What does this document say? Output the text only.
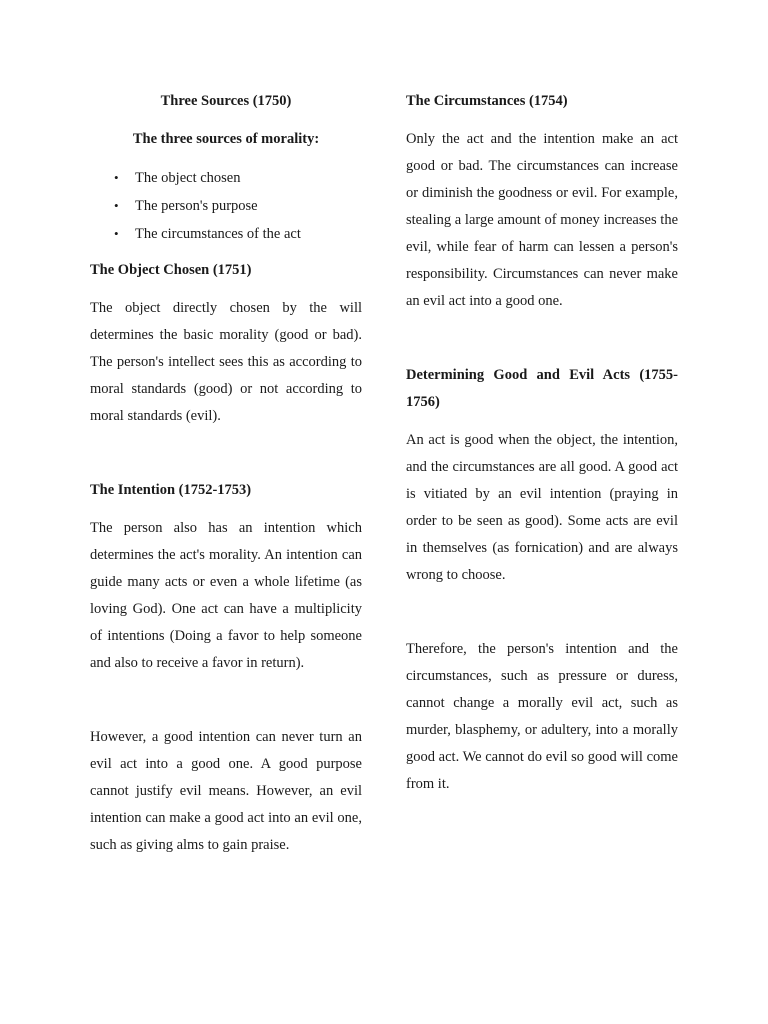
Three Sources (1750)

The three sources of morality:

• The object chosen
• The person's purpose
• The circumstances of the act

The Object Chosen (1751)

The object directly chosen by the will determines the basic morality (good or bad). The person's intellect sees this as according to moral standards (good) or not according to moral standards (evil).

The Intention (1752-1753)

The person also has an intention which determines the act's morality. An intention can guide many acts or even a whole lifetime (as loving God). One act can have a multiplicity of intentions (Doing a favor to help someone and also to receive a favor in return).

However, a good intention can never turn an evil act into a good one. A good purpose cannot justify evil means. However, an evil intention can make a good act into an evil one, such as giving alms to gain praise.

The Circumstances (1754)

Only the act and the intention make an act good or bad. The circumstances can increase or diminish the goodness or evil. For example, stealing a large amount of money increases the evil, while fear of harm can lessen a person's responsibility. Circumstances can never make an evil act into a good one.

Determining Good and Evil Acts (1755-1756)

An act is good when the object, the intention, and the circumstances are all good. A good act is vitiated by an evil intention (praying in order to be seen as good). Some acts are evil in themselves (as fornication) and are always wrong to choose.

Therefore, the person's intention and the circumstances, such as pressure or duress, cannot change a morally evil act, such as murder, blasphemy, or adultery, into a morally good act. We cannot do evil so good will come from it.
